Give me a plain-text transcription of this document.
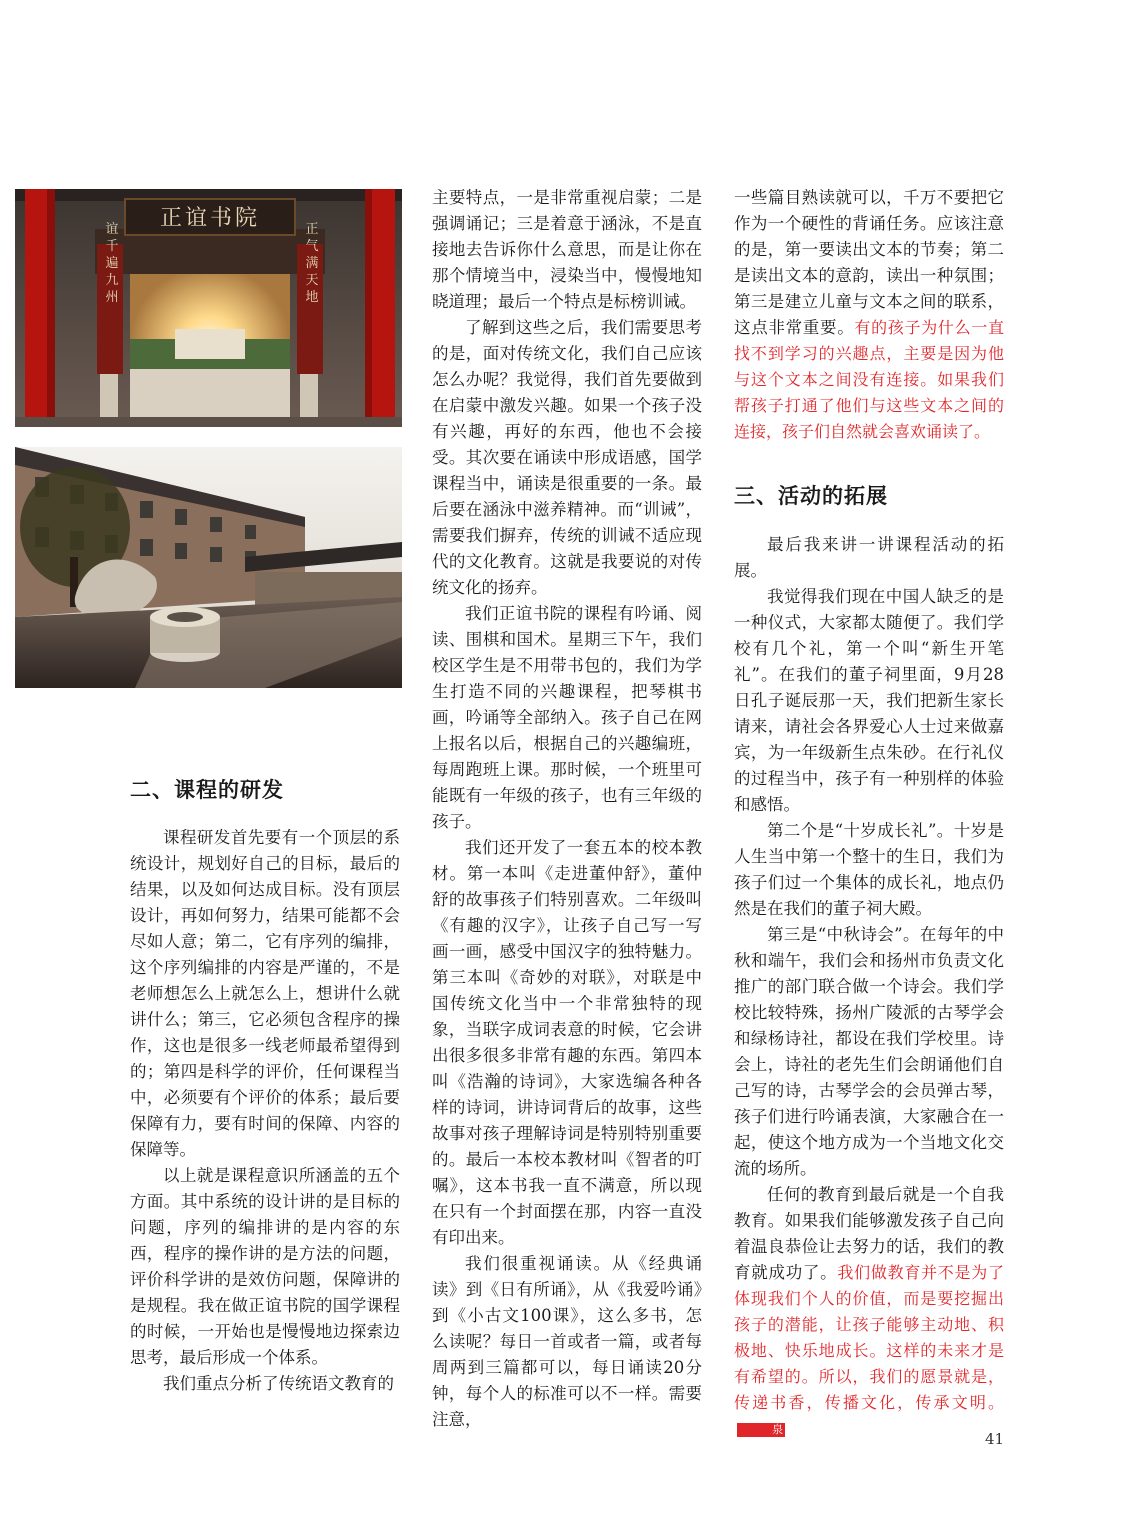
正谊书院
谊千遍九州	正气满天地
二、课程的研发

课程研发首先要有一个顶层的系统设计，规划好自己的目标，最后的结果，以及如何达成目标。没有顶层设计，再如何努力，结果可能都不会尽如人意；第二，它有序列的编排，这个序列编排的内容是严谨的，不是老师想怎么上就怎么上，想讲什么就讲什么；第三，它必须包含程序的操作，这也是很多一线老师最希望得到的；第四是科学的评价，任何课程当中，必须要有个评价的体系；最后要保障有力，要有时间的保障、内容的保障等。

以上就是课程意识所涵盖的五个方面。其中系统的设计讲的是目标的问题，序列的编排讲的是内容的东西，程序的操作讲的是方法的问题，评价科学讲的是效仿问题，保障讲的是规程。我在做正谊书院的国学课程的时候，一开始也是慢慢地边探索边思考，最后形成一个体系。

我们重点分析了传统语文教育的

主要特点，一是非常重视启蒙；二是强调诵记；三是着意于涵泳，不是直接地去告诉你什么意思，而是让你在那个情境当中，浸染当中，慢慢地知晓道理；最后一个特点是标榜训诫。

了解到这些之后，我们需要思考的是，面对传统文化，我们自己应该怎么办呢？我觉得，我们首先要做到在启蒙中激发兴趣。如果一个孩子没有兴趣，再好的东西，他也不会接受。其次要在诵读中形成语感，国学课程当中，诵读是很重要的一条。最后要在涵泳中滋养精神。而“训诫”，需要我们摒弃，传统的训诫不适应现代的文化教育。这就是我要说的对传统文化的扬弃。

我们正谊书院的课程有吟诵、阅读、围棋和国术。星期三下午，我们校区学生是不用带书包的，我们为学生打造不同的兴趣课程，把琴棋书画，吟诵等全部纳入。孩子自己在网上报名以后，根据自己的兴趣编班，每周跑班上课。那时候，一个班里可能既有一年级的孩子，也有三年级的孩子。

我们还开发了一套五本的校本教材。第一本叫《走进董仲舒》，董仲舒的故事孩子们特别喜欢。二年级叫《有趣的汉字》，让孩子自己写一写画一画，感受中国汉字的独特魅力。第三本叫《奇妙的对联》，对联是中国传统文化当中一个非常独特的现象，当联字成词表意的时候，它会讲出很多很多非常有趣的东西。第四本叫《浩瀚的诗词》，大家选编各种各样的诗词，讲诗词背后的故事，这些故事对孩子理解诗词是特别特别重要的。最后一本校本教材叫《智者的叮嘱》，这本书我一直不满意，所以现在只有一个封面摆在那，内容一直没有印出来。

我们很重视诵读。从《经典诵读》到《日有所诵》，从《我爱吟诵》到《小古文100课》，这么多书，怎么读呢？每日一首或者一篇，或者每周两到三篇都可以，每日诵读20分钟，每个人的标准可以不一样。需要注意，

一些篇目熟读就可以，千万不要把它作为一个硬性的背诵任务。应该注意的是，第一要读出文本的节奏；第二是读出文本的意韵，读出一种氛围；第三是建立儿童与文本之间的联系，这点非常重要。有的孩子为什么一直找不到学习的兴趣点，主要是因为他与这个文本之间没有连接。如果我们帮孩子打通了他们与这些文本之间的连接，孩子们自然就会喜欢诵读了。

三、活动的拓展

最后我来讲一讲课程活动的拓展。

我觉得我们现在中国人缺乏的是一种仪式，大家都太随便了。我们学校有几个礼，第一个叫“新生开笔礼”。在我们的董子祠里面，9月28日孔子诞辰那一天，我们把新生家长请来，请社会各界爱心人士过来做嘉宾，为一年级新生点朱砂。在行礼仪的过程当中，孩子有一种别样的体验和感悟。

第二个是“十岁成长礼”。十岁是人生当中第一个整十的生日，我们为孩子们过一个集体的成长礼，地点仍然是在我们的董子祠大殿。

第三是“中秋诗会”。在每年的中秋和端午，我们会和扬州市负责文化推广的部门联合做一个诗会。我们学校比较特殊，扬州广陵派的古琴学会和绿杨诗社，都设在我们学校里。诗会上，诗社的老先生们会朗诵他们自己写的诗，古琴学会的会员弹古琴，孩子们进行吟诵表演，大家融合在一起，使这个地方成为一个当地文化交流的场所。

任何的教育到最后就是一个自我教育。如果我们能够激发孩子自己向着温良恭俭让去努力的话，我们的教育就成功了。我们做教育并不是为了体现我们个人的价值，而是要挖掘出孩子的潜能，让孩子能够主动地、积极地、快乐地成长。这样的未来才是有希望的。所以，我们的愿景就是，传递书香，传播文化，传承文明。泉

41
